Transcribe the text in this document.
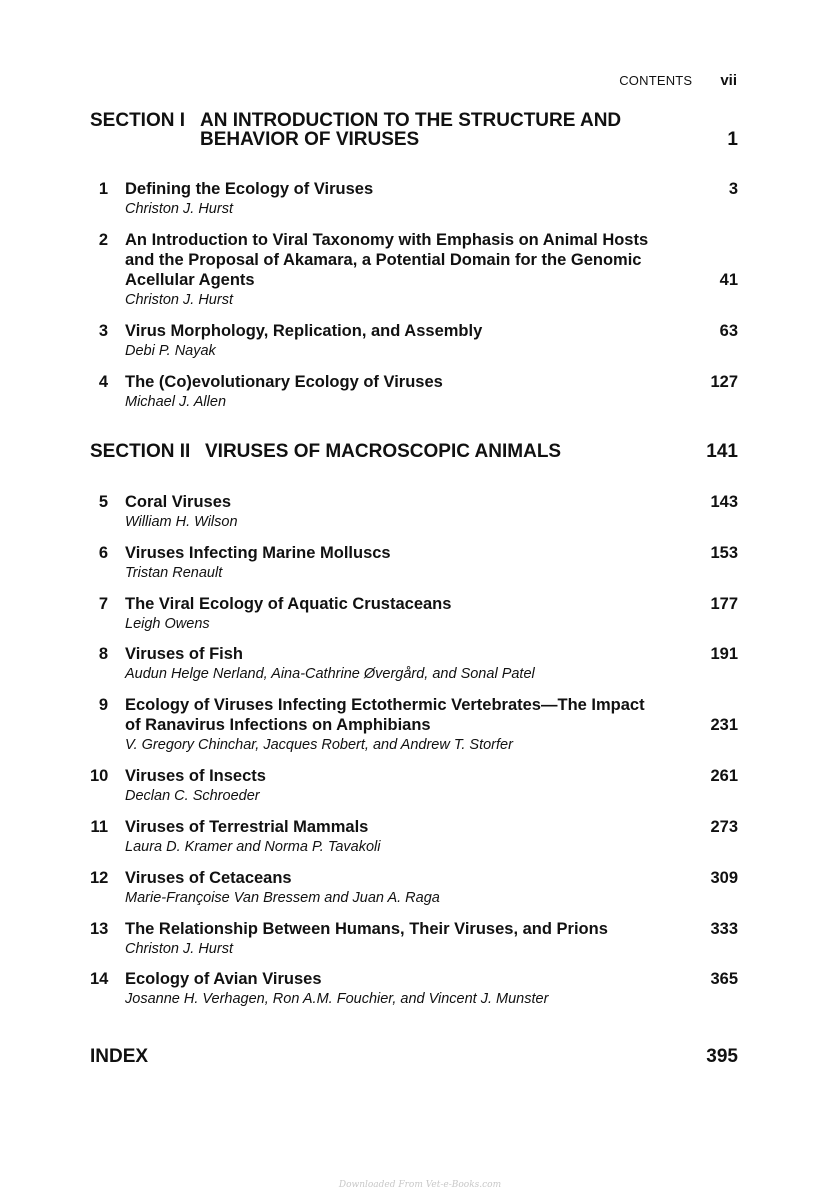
CONTENTS vii
SECTION I AN INTRODUCTION TO THE STRUCTURE AND
BEHAVIOR OF VIRUSES	1
1 Defining the Ecology of Viruses	3
Christon J. Hurst
2 An Introduction to Viral Taxonomy with Emphasis on Animal Hosts
and the Proposal of Akamara, a Potential Domain for the Genomic
Acellular Agents	41
Christon J. Hurst
3 Virus Morphology, Replication, and Assembly	63
Debi P. Nayak
4 The (Co)evolutionary Ecology of Viruses	127
Michael J. Allen
SECTION II VIRUSES OF MACROSCOPIC ANIMALS	141
5 Coral Viruses	143
William H. Wilson
6 Viruses Infecting Marine Molluscs	153
Tristan Renault
7 The Viral Ecology of Aquatic Crustaceans	177
Leigh Owens
8 Viruses of Fish	191
Audun Helge Nerland, Aina-Cathrine Øvergård, and Sonal Patel
9 Ecology of Viruses Infecting Ectothermic Vertebrates—The Impact
of Ranavirus Infections on Amphibians	231
V. Gregory Chinchar, Jacques Robert, and Andrew T. Storfer
10 Viruses of Insects	261
Declan C. Schroeder
11 Viruses of Terrestrial Mammals	273
Laura D. Kramer and Norma P. Tavakoli
12 Viruses of Cetaceans	309
Marie-Françoise Van Bressem and Juan A. Raga
13 The Relationship Between Humans, Their Viruses, and Prions	333
Christon J. Hurst
14 Ecology of Avian Viruses	365
Josanne H. Verhagen, Ron A.M. Fouchier, and Vincent J. Munster
INDEX	395
Downloaded From Vet-e-Books.com
